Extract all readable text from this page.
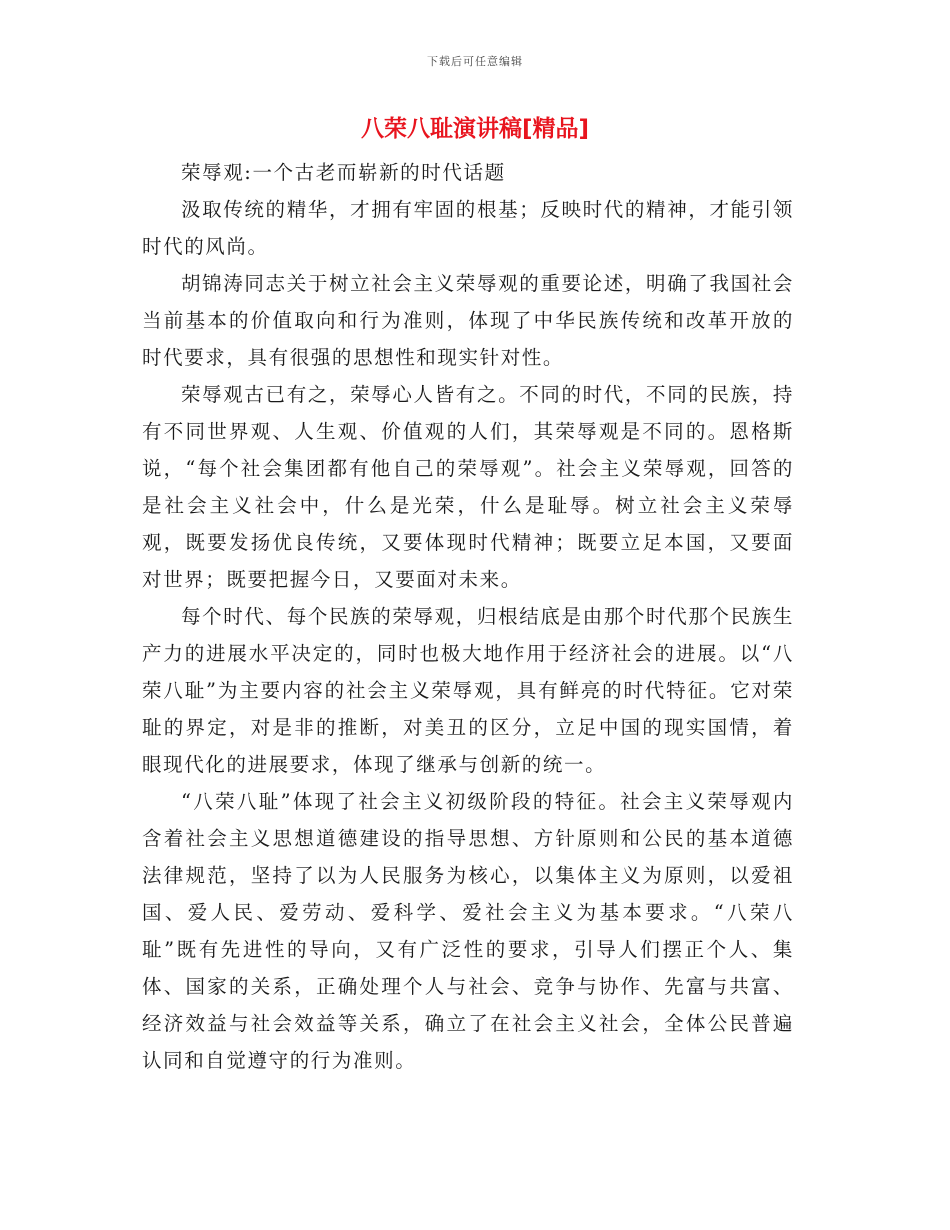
下载后可任意编辑
八荣八耻演讲稿[精品]

荣辱观:一个古老而崭新的时代话题

汲取传统的精华，才拥有牢固的根基；反映时代的精神，才能引领时代的风尚。

胡锦涛同志关于树立社会主义荣辱观的重要论述，明确了我国社会当前基本的价值取向和行为准则，体现了中华民族传统和改革开放的时代要求，具有很强的思想性和现实针对性。

荣辱观古已有之，荣辱心人皆有之。不同的时代，不同的民族，持有不同世界观、人生观、价值观的人们，其荣辱观是不同的。恩格斯说，“每个社会集团都有他自己的荣辱观”。社会主义荣辱观，回答的是社会主义社会中，什么是光荣，什么是耻辱。树立社会主义荣辱观，既要发扬优良传统，又要体现时代精神；既要立足本国，又要面对世界；既要把握今日，又要面对未来。

每个时代、每个民族的荣辱观，归根结底是由那个时代那个民族生产力的进展水平决定的，同时也极大地作用于经济社会的进展。以“八荣八耻”为主要内容的社会主义荣辱观，具有鲜亮的时代特征。它对荣耻的界定，对是非的推断，对美丑的区分，立足中国的现实国情，着眼现代化的进展要求，体现了继承与创新的统一。

“八荣八耻”体现了社会主义初级阶段的特征。社会主义荣辱观内含着社会主义思想道德建设的指导思想、方针原则和公民的基本道德法律规范，坚持了以为人民服务为核心，以集体主义为原则，以爱祖国、爱人民、爱劳动、爱科学、爱社会主义为基本要求。“八荣八耻”既有先进性的导向，又有广泛性的要求，引导人们摆正个人、集体、国家的关系，正确处理个人与社会、竞争与协作、先富与共富、经济效益与社会效益等关系，确立了在社会主义社会，全体公民普遍认同和自觉遵守的行为准则。
